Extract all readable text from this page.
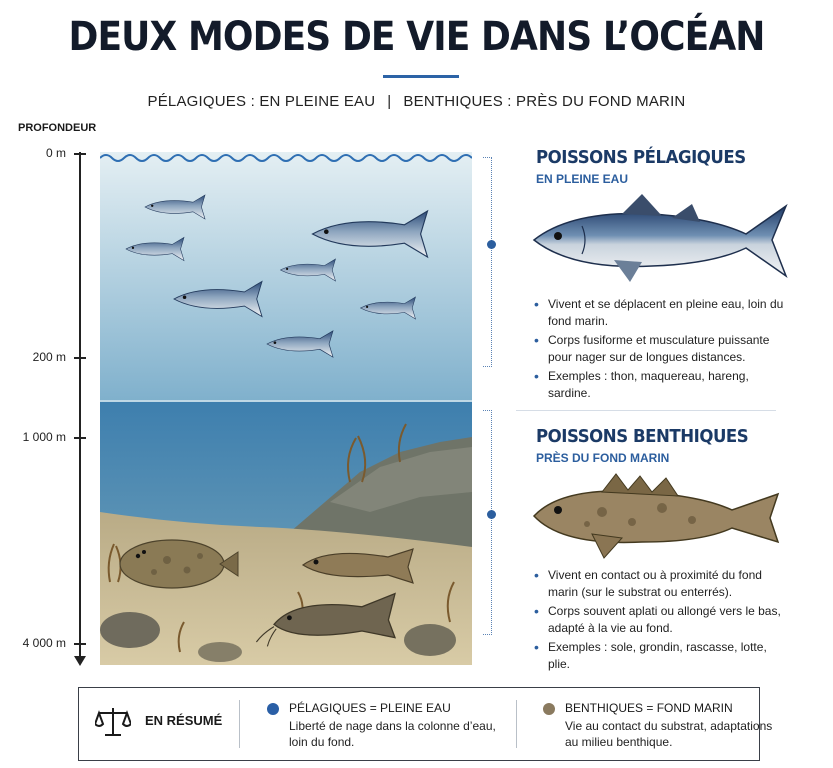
DEUX MODES DE VIE DANS L’OCÉAN
PÉLAGIQUES : EN PLEINE EAU | BENTHIQUES : PRÈS DU FOND MARIN
PROFONDEUR
0 m
200 m
1 000 m
4 000 m
POISSONS PÉLAGIQUES
EN PLEINE EAU
• Vivent et se déplacent en pleine eau, loin du fond marin.
• Corps fusiforme et musculature puissante pour nager sur de longues distances.
• Exemples : thon, maquereau, hareng, sardine.
POISSONS BENTHIQUES
PRÈS DU FOND MARIN
• Vivent en contact ou à proximité du fond marin (sur le substrat ou enterrés).
• Corps souvent aplati ou allongé vers le bas, adapté à la vie au fond.
• Exemples : sole, grondin, rascasse, lotte, plie.
EN RÉSUMÉ
PÉLAGIQUES = PLEINE EAU
Liberté de nage dans la colonne d’eau, loin du fond.
BENTHIQUES = FOND MARIN
Vie au contact du substrat, adaptations au milieu benthique.
